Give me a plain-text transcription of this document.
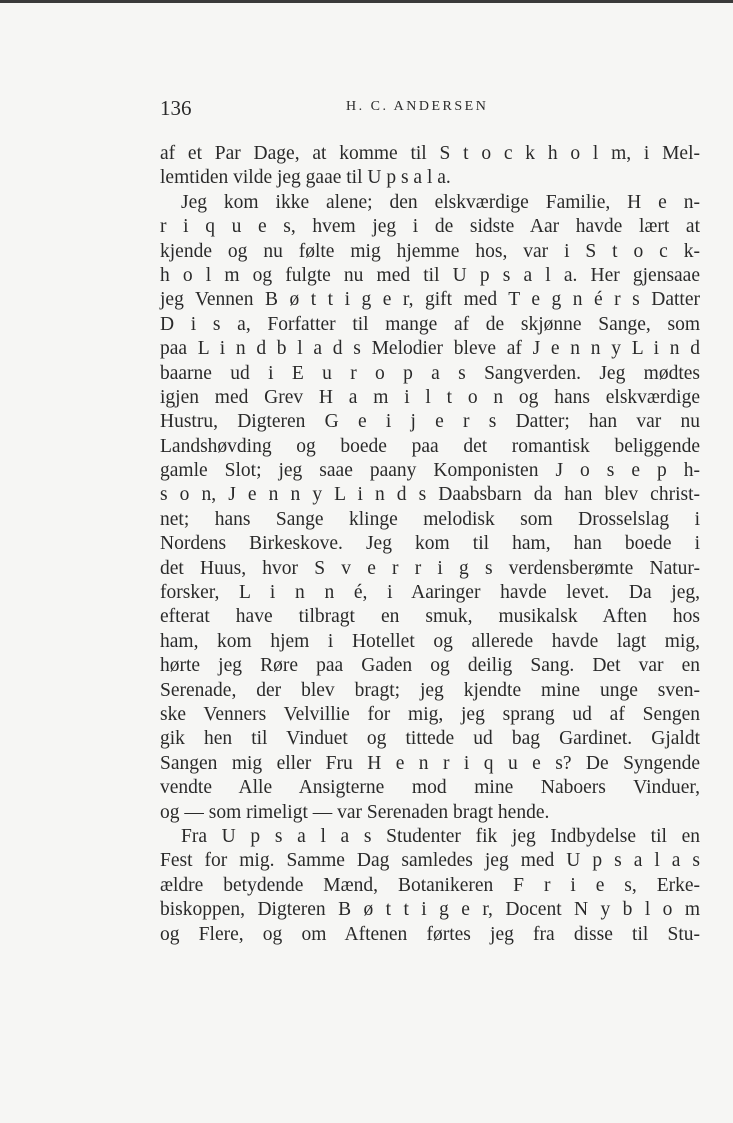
136	H. C. ANDERSEN
af et Par Dage, at komme til S t o c k h o l m, i Mel-
lemtiden vilde jeg gaae til U p s a l a.
Jeg kom ikke alene; den elskværdige Familie, H e n-
r i q u e s, hvem jeg i de sidste Aar havde lært at
kjende og nu følte mig hjemme hos, var i S t o c k-
h o l m og fulgte nu med til U p s a l a. Her gjensaae
jeg Vennen B ø t t i g e r, gift med T e g n é r s Datter
D i s a, Forfatter til mange af de skjønne Sange, som
paa L i n d b l a d s Melodier bleve af J e n n y L i n d
baarne ud i E u r o p a s Sangverden. Jeg mødtes
igjen med Grev H a m i l t o n og hans elskværdige
Hustru, Digteren G e i j e r s Datter; han var nu
Landshøvding og boede paa det romantisk beliggende
gamle Slot; jeg saae paany Komponisten J o s e p h-
s o n, J e n n y L i n d s Daabsbarn da han blev christ-
net; hans Sange klinge melodisk som Drosselslag i
Nordens Birkeskove. Jeg kom til ham, han boede i
det Huus, hvor S v e r r i g s verdensberømte Natur-
forsker, L i n n é, i Aaringer havde levet. Da jeg,
efterat have tilbragt en smuk, musikalsk Aften hos
ham, kom hjem i Hotellet og allerede havde lagt mig,
hørte jeg Røre paa Gaden og deilig Sang. Det var en
Serenade, der blev bragt; jeg kjendte mine unge sven-
ske Venners Velvillie for mig, jeg sprang ud af Sengen
gik hen til Vinduet og tittede ud bag Gardinet. Gjaldt
Sangen mig eller Fru H e n r i q u e s? De Syngende
vendte Alle Ansigterne mod mine Naboers Vinduer,
og — som rimeligt — var Serenaden bragt hende.
Fra U p s a l a s Studenter fik jeg Indbydelse til en
Fest for mig. Samme Dag samledes jeg med U p s a l a s
ældre betydende Mænd, Botanikeren F r i e s, Erke-
biskoppen, Digteren B ø t t i g e r, Docent N y b l o m
og Flere, og om Aftenen førtes jeg fra disse til Stu-
